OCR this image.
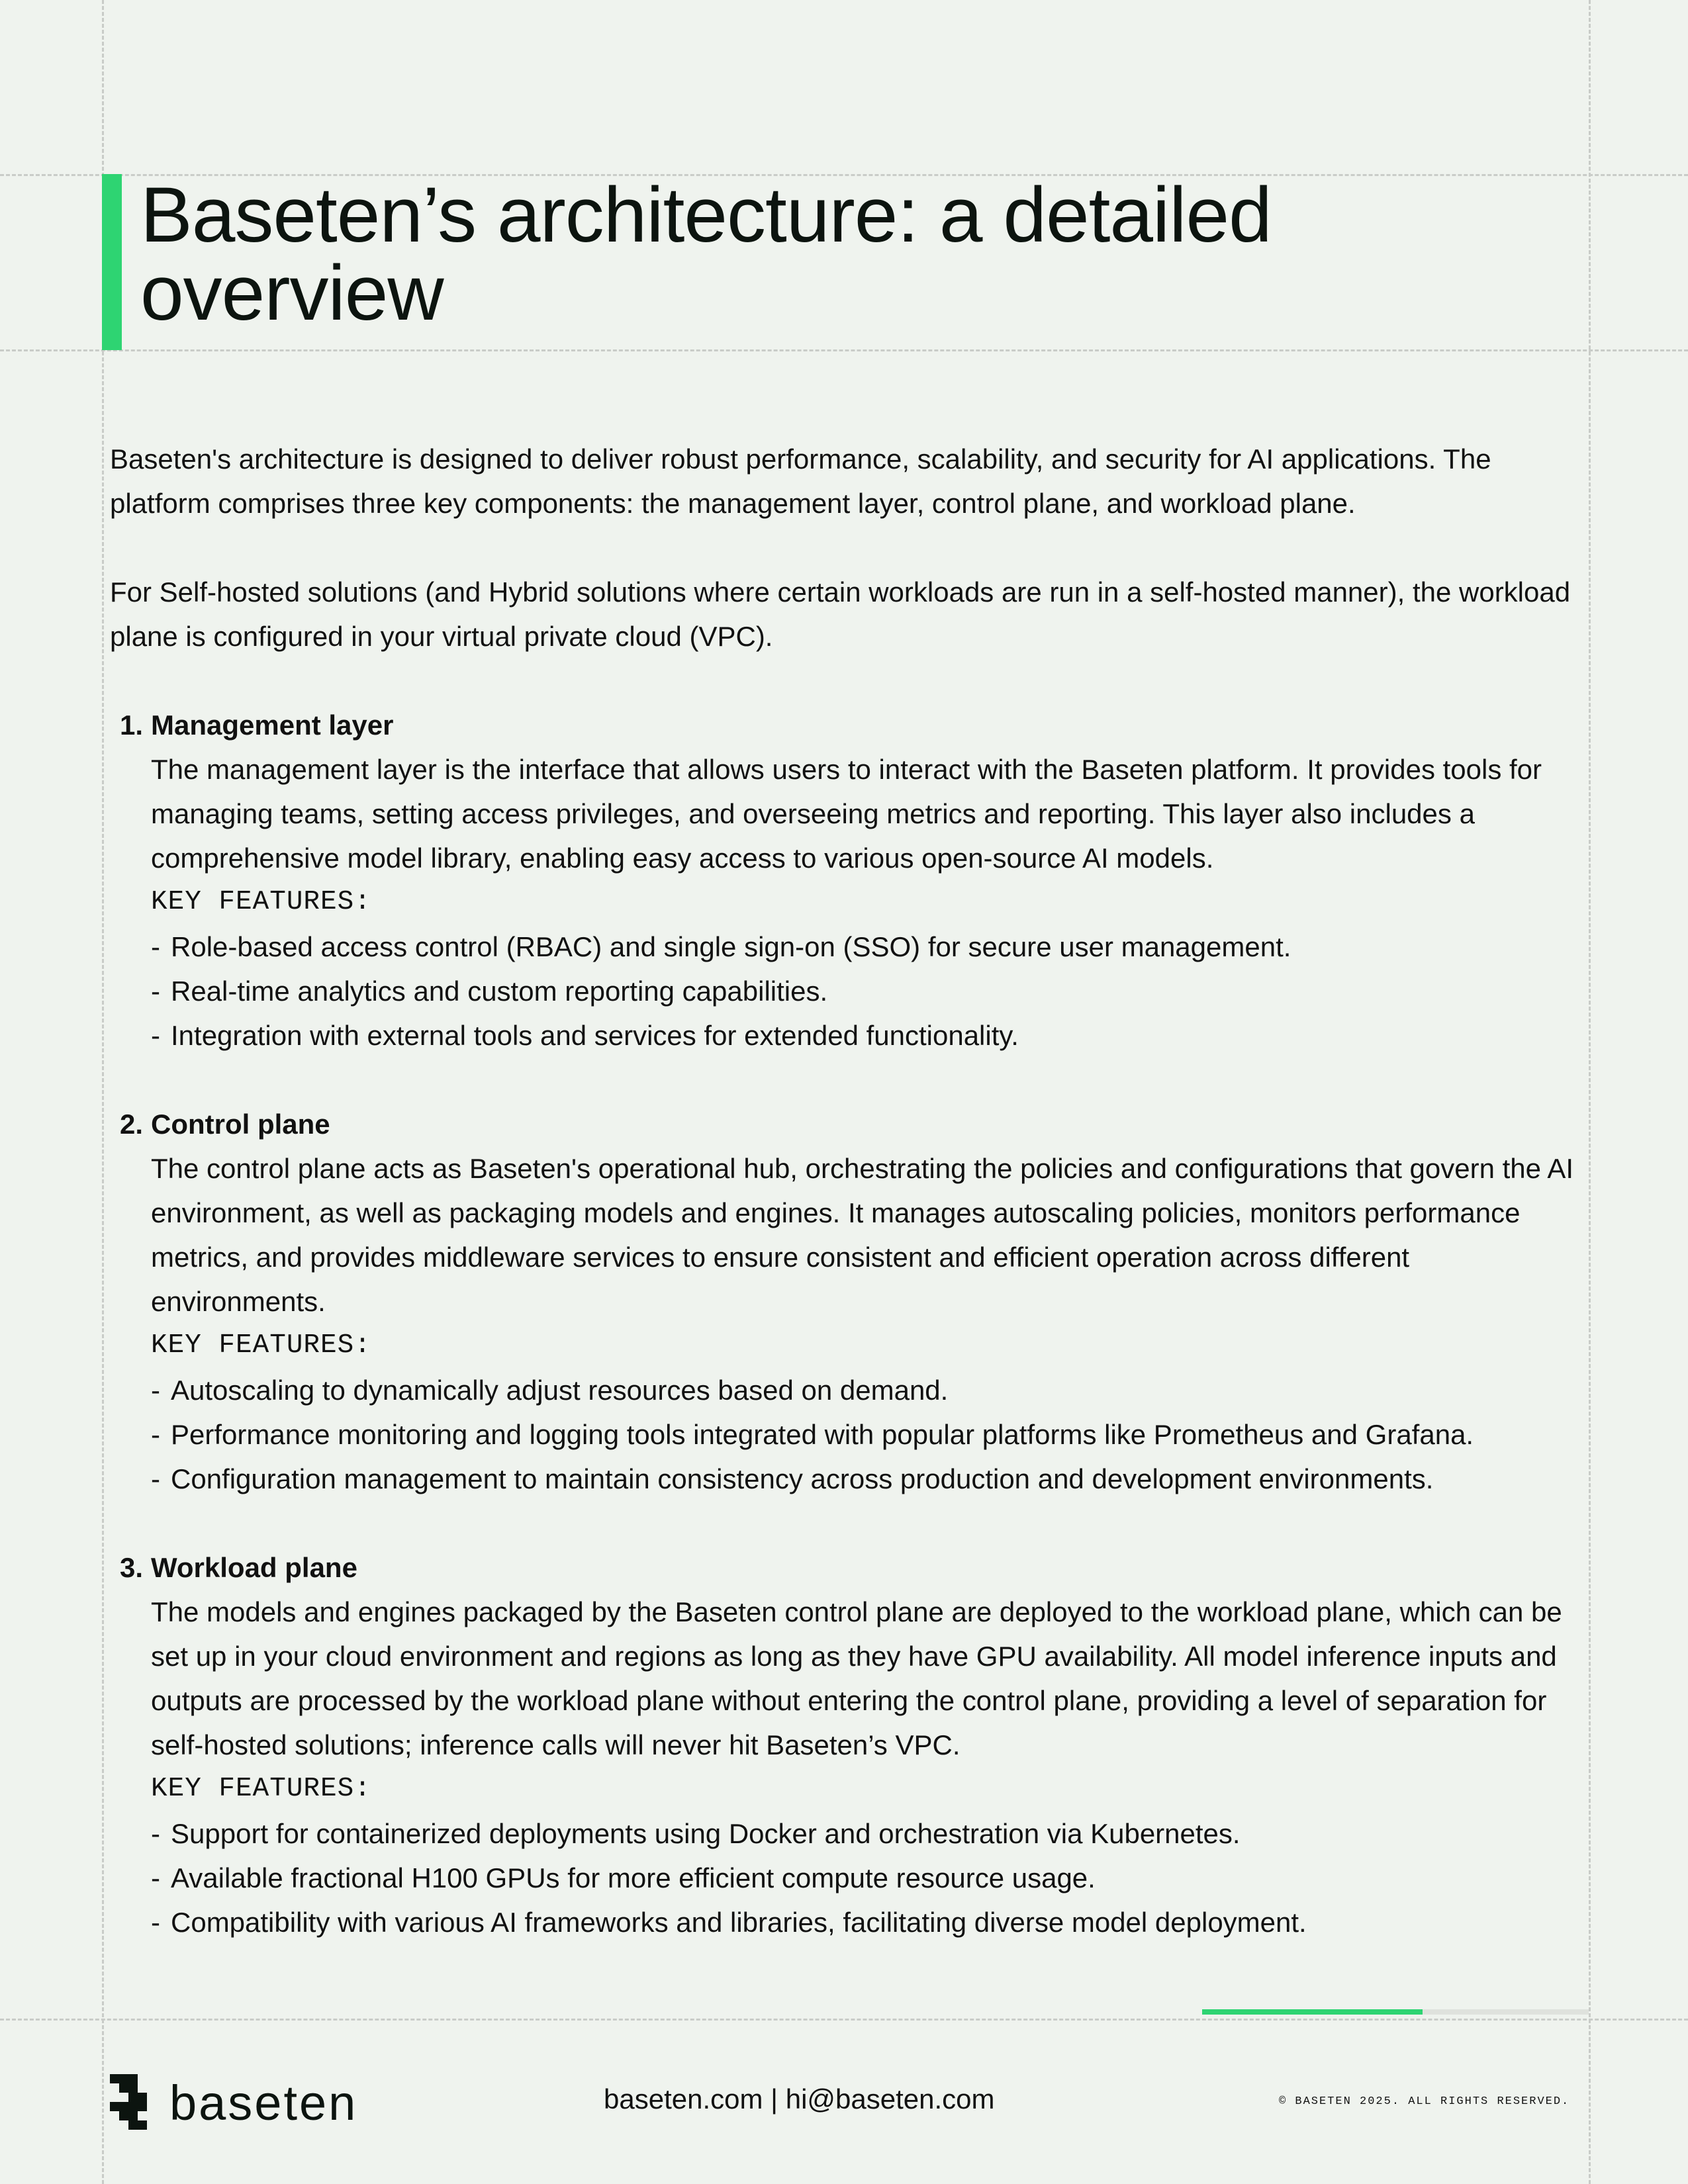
Baseten’s architecture: a detailed overview

Baseten's architecture is designed to deliver robust performance, scalability, and security for AI applications. The platform comprises three key components: the management layer, control plane, and workload plane.

For Self-hosted solutions (and Hybrid solutions where certain workloads are run in a self-hosted manner), the workload plane is configured in your virtual private cloud (VPC).

1. Management layer
The management layer is the interface that allows users to interact with the Baseten platform. It provides tools for managing teams, setting access privileges, and overseeing metrics and reporting. This layer also includes a comprehensive model library, enabling easy access to various open-source AI models.
KEY FEATURES:
- Role-based access control (RBAC) and single sign-on (SSO) for secure user management.
- Real-time analytics and custom reporting capabilities.
- Integration with external tools and services for extended functionality.
2. Control plane
The control plane acts as Baseten's operational hub, orchestrating the policies and configurations that govern the AI environment, as well as packaging models and engines. It manages autoscaling policies, monitors performance metrics, and provides middleware services to ensure consistent and efficient operation across different environments.
KEY FEATURES:
- Autoscaling to dynamically adjust resources based on demand.
- Performance monitoring and logging tools integrated with popular platforms like Prometheus and Grafana.
- Configuration management to maintain consistency across production and development environments.
3. Workload plane
The models and engines packaged by the Baseten control plane are deployed to the workload plane, which can be set up in your cloud environment and regions as long as they have GPU availability. All model inference inputs and outputs are processed by the workload plane without entering the control plane, providing a level of separation for self-hosted solutions; inference calls will never hit Baseten’s VPC.
KEY FEATURES:
- Support for containerized deployments using Docker and orchestration via Kubernetes.
- Available fractional H100 GPUs for more efficient compute resource usage.
- Compatibility with various AI frameworks and libraries, facilitating diverse model deployment.
baseten	baseten.com | hi@baseten.com	© BASETEN 2025. ALL RIGHTS RESERVED.
